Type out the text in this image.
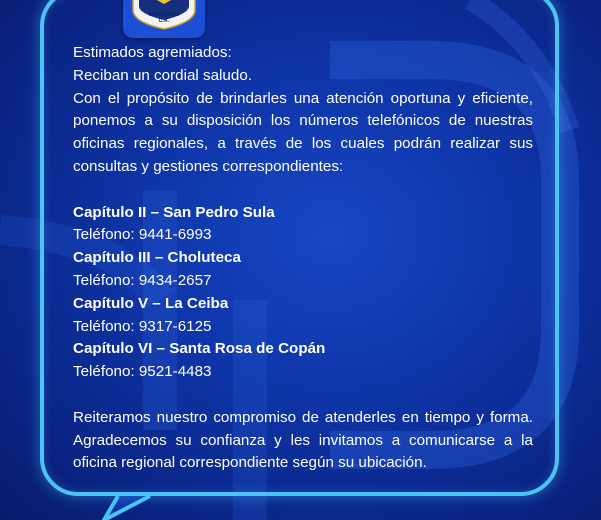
HONDURAS
C.A.

Estimados agremiados:

Reciban un cordial saludo.

Con el propósito de brindarles una atención oportuna y eficiente, ponemos a su disposición los números telefónicos de nuestras oficinas regionales, a través de los cuales podrán realizar sus consultas y gestiones correspondientes:

Capítulo II – San Pedro Sula

Teléfono: 9441-6993

Capítulo III – Choluteca

Teléfono: 9434-2657

Capítulo V – La Ceiba

Teléfono: 9317-6125

Capítulo VI – Santa Rosa de Copán

Teléfono: 9521-4483

Reiteramos nuestro compromiso de atenderles en tiempo y forma. Agradecemos su confianza y les invitamos a comunicarse a la oficina regional correspondiente según su ubicación.
